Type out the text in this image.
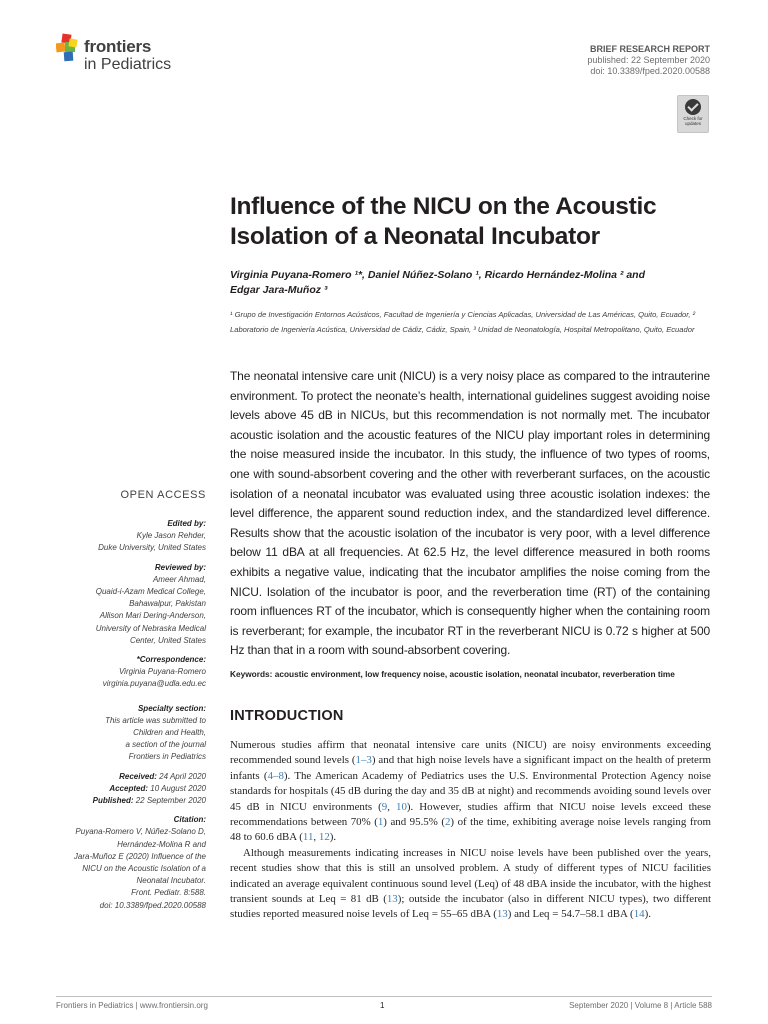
frontiers
in Pediatrics
BRIEF RESEARCH REPORT
published: 22 September 2020
doi: 10.3389/fped.2020.00588
Check for
updates
Influence of the NICU on the Acoustic
Isolation of a Neonatal Incubator
Virginia Puyana-Romero ¹*, Daniel Núñez-Solano ¹, Ricardo Hernández-Molina ² and
Edgar Jara-Muñoz ³
¹ Grupo de Investigación Entornos Acústicos, Facultad de Ingeniería y Ciencias Aplicadas, Universidad de Las Américas, Quito, Ecuador, ² Laboratorio de Ingeniería Acústica, Universidad de Cádiz, Cádiz, Spain, ³ Unidad de Neonatología, Hospital Metropolitano, Quito, Ecuador
The neonatal intensive care unit (NICU) is a very noisy place as compared to the intrauterine environment. To protect the neonate’s health, international guidelines suggest avoiding noise levels above 45 dB in NICUs, but this recommendation is not normally met. The incubator acoustic isolation and the acoustic features of the NICU play important roles in determining the noise measured inside the incubator. In this study, the influence of two types of rooms, one with sound-absorbent covering and the other with reverberant surfaces, on the acoustic isolation of a neonatal incubator was evaluated using three acoustic isolation indexes: the level difference, the apparent sound reduction index, and the standardized level difference. Results show that the acoustic isolation of the incubator is very poor, with a level difference below 11 dBA at all frequencies. At 62.5 Hz, the level difference measured in both rooms exhibits a negative value, indicating that the incubator amplifies the noise coming from the NICU. Isolation of the incubator is poor, and the reverberation time (RT) of the containing room influences RT of the incubator, which is consequently higher when the containing room is reverberant; for example, the incubator RT in the reverberant NICU is 0.72 s higher at 500 Hz than that in a room with sound-absorbent covering.
Keywords: acoustic environment, low frequency noise, acoustic isolation, neonatal incubator, reverberation time
INTRODUCTION

Numerous studies affirm that neonatal intensive care units (NICU) are noisy environments exceeding recommended sound levels (1–3) and that high noise levels have a significant impact on the health of preterm infants (4–8). The American Academy of Pediatrics uses the U.S. Environmental Protection Agency noise standards for hospitals (45 dB during the day and 35 dB at night) and recommends avoiding sound levels over 45 dB in NICU environments (9, 10). However, studies affirm that NICU noise levels exceed these recommendations between 70% (1) and 95.5% (2) of the time, exhibiting average noise levels ranging from 48 to 60.6 dBA (11, 12).

Although measurements indicating increases in NICU noise levels have been published over the years, recent studies show that this is still an unsolved problem. A study of different types of NICU facilities indicated an average equivalent continuous sound level (Leq) of 48 dBA inside the incubator, with the highest transient sounds at Leq = 81 dB (13); outside the incubator (also in different NICU types), two different studies reported measured noise levels of Leq = 55–65 dBA (13) and Leq = 54.7–58.1 dBA (14).

OPEN ACCESS
Edited by:
Kyle Jason Rehder,
Duke University, United States
Reviewed by:
Ameer Ahmad,
Quaid-i-Azam Medical College,
Bahawalpur, Pakistan
Allison Mari Dering-Anderson,
University of Nebraska Medical
Center, United States
*Correspondence:
Virginia Puyana-Romero
virginia.puyana@udla.edu.ec
Specialty section:
This article was submitted to
Children and Health,
a section of the journal
Frontiers in Pediatrics
Received: 24 April 2020
Accepted: 10 August 2020
Published: 22 September 2020
Citation:
Puyana-Romero V, Núñez-Solano D,
Hernández-Molina R and
Jara-Muñoz E (2020) Influence of the
NICU on the Acoustic Isolation of a
Neonatal Incubator.
Front. Pediatr. 8:588.
doi: 10.3389/fped.2020.00588
Frontiers in Pediatrics | www.frontiersin.org	1	September 2020 | Volume 8 | Article 588
